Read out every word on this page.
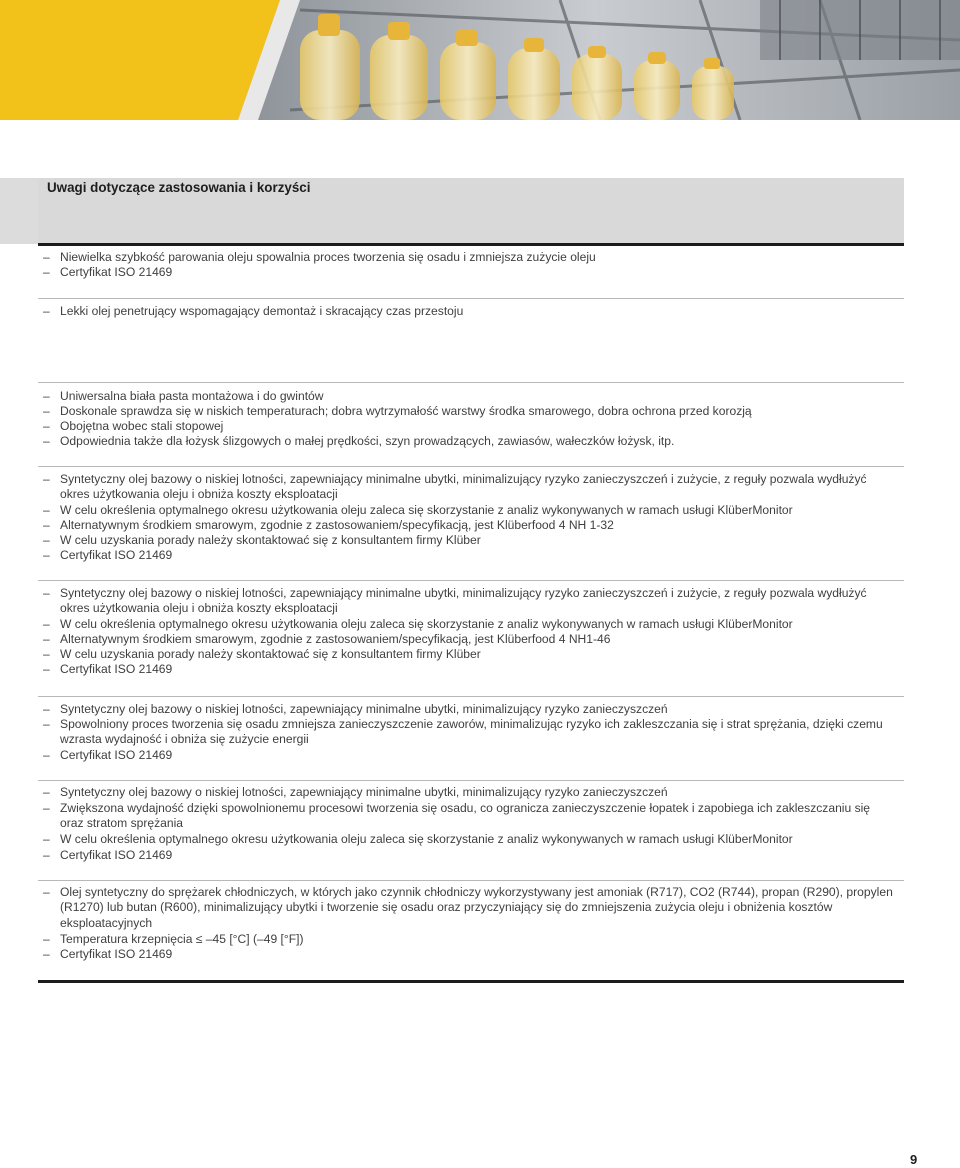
Uwagi dotyczące zastosowania i korzyści
– Niewielka szybkość parowania oleju spowalnia proces tworzenia się osadu i zmniejsza zużycie oleju
– Certyfikat ISO 21469
– Lekki olej penetrujący wspomagający demontaż i skracający czas przestoju
– Uniwersalna biała pasta montażowa i do gwintów
– Doskonale sprawdza się w niskich temperaturach; dobra wytrzymałość warstwy środka smarowego, dobra ochrona przed korozją
– Obojętna wobec stali stopowej
– Odpowiednia także dla łożysk ślizgowych o małej prędkości, szyn prowadzących, zawiasów, wałeczków łożysk, itp.
– Syntetyczny olej bazowy o niskiej lotności, zapewniający minimalne ubytki, minimalizujący ryzyko zanieczyszczeń i zużycie, z reguły pozwala wydłużyć okres użytkowania oleju i obniża koszty eksploatacji
– W celu określenia optymalnego okresu użytkowania oleju zaleca się skorzystanie z analiz wykonywanych w ramach usługi KlüberMonitor
– Alternatywnym środkiem smarowym, zgodnie z zastosowaniem/specyfikacją, jest Klüberfood 4 NH 1-32
– W celu uzyskania porady należy skontaktować się z konsultantem firmy Klüber
– Certyfikat ISO 21469
– Syntetyczny olej bazowy o niskiej lotności, zapewniający minimalne ubytki, minimalizujący ryzyko zanieczyszczeń i zużycie, z reguły pozwala wydłużyć okres użytkowania oleju i obniża koszty eksploatacji
– W celu określenia optymalnego okresu użytkowania oleju zaleca się skorzystanie z analiz wykonywanych w ramach usługi KlüberMonitor
– Alternatywnym środkiem smarowym, zgodnie z zastosowaniem/specyfikacją, jest Klüberfood 4 NH1-46
– W celu uzyskania porady należy skontaktować się z konsultantem firmy Klüber
– Certyfikat ISO 21469
– Syntetyczny olej bazowy o niskiej lotności, zapewniający minimalne ubytki, minimalizujący ryzyko zanieczyszczeń
– Spowolniony proces tworzenia się osadu zmniejsza zanieczyszczenie zaworów, minimalizując ryzyko ich zakleszczania się i strat sprężania, dzięki czemu wzrasta wydajność i obniża się zużycie energii
– Certyfikat ISO 21469
– Syntetyczny olej bazowy o niskiej lotności, zapewniający minimalne ubytki, minimalizujący ryzyko zanieczyszczeń
– Zwiększona wydajność dzięki spowolnionemu procesowi tworzenia się osadu, co ogranicza zanieczyszczenie łopatek i zapobiega ich zakleszczaniu się oraz stratom sprężania
– W celu określenia optymalnego okresu użytkowania oleju zaleca się skorzystanie z analiz wykonywanych w ramach usługi KlüberMonitor
– Certyfikat ISO 21469
– Olej syntetyczny do sprężarek chłodniczych, w których jako czynnik chłodniczy wykorzystywany jest amoniak (R717), CO2 (R744), propan (R290), propylen (R1270) lub butan (R600), minimalizujący ubytki i tworzenie się osadu oraz przyczyniający się do zmniejszenia zużycia oleju i obniżenia kosztów eksploatacyjnych
– Temperatura krzepnięcia ≤ –45 [°C] (–49 [°F])
– Certyfikat ISO 21469
9
